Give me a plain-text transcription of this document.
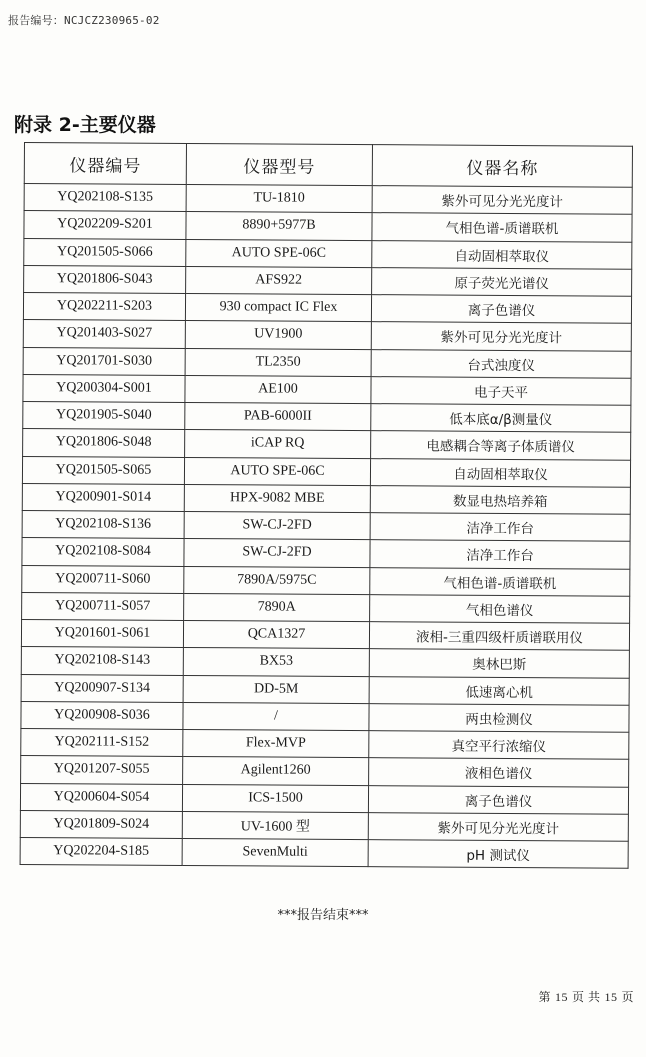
报告编号：NCJCZ230965-02
附录 2-主要仪器
仪器编号	仪器型号	仪器名称
YQ202108-S135	TU-1810	紫外可见分光光度计
YQ202209-S201	8890+5977B	气相色谱-质谱联机
YQ201505-S066	AUTO SPE-06C	自动固相萃取仪
YQ201806-S043	AFS922	原子荧光光谱仪
YQ202211-S203	930 compact IC Flex	离子色谱仪
YQ201403-S027	UV1900	紫外可见分光光度计
YQ201701-S030	TL2350	台式浊度仪
YQ200304-S001	AE100	电子天平
YQ201905-S040	PAB-6000II	低本底α/β测量仪
YQ201806-S048	iCAP RQ	电感耦合等离子体质谱仪
YQ201505-S065	AUTO SPE-06C	自动固相萃取仪
YQ200901-S014	HPX-9082 MBE	数显电热培养箱
YQ202108-S136	SW-CJ-2FD	洁净工作台
YQ202108-S084	SW-CJ-2FD	洁净工作台
YQ200711-S060	7890A/5975C	气相色谱-质谱联机
YQ200711-S057	7890A	气相色谱仪
YQ201601-S061	QCA1327	液相-三重四级杆质谱联用仪
YQ202108-S143	BX53	奥林巴斯
YQ200907-S134	DD-5M	低速离心机
YQ200908-S036	/	两虫检测仪
YQ202111-S152	Flex-MVP	真空平行浓缩仪
YQ201207-S055	Agilent1260	液相色谱仪
YQ200604-S054	ICS-1500	离子色谱仪
YQ201809-S024	UV-1600 型	紫外可见分光光度计
YQ202204-S185	SevenMulti	pH 测试仪
***报告结束***
第 15 页 共 15 页
